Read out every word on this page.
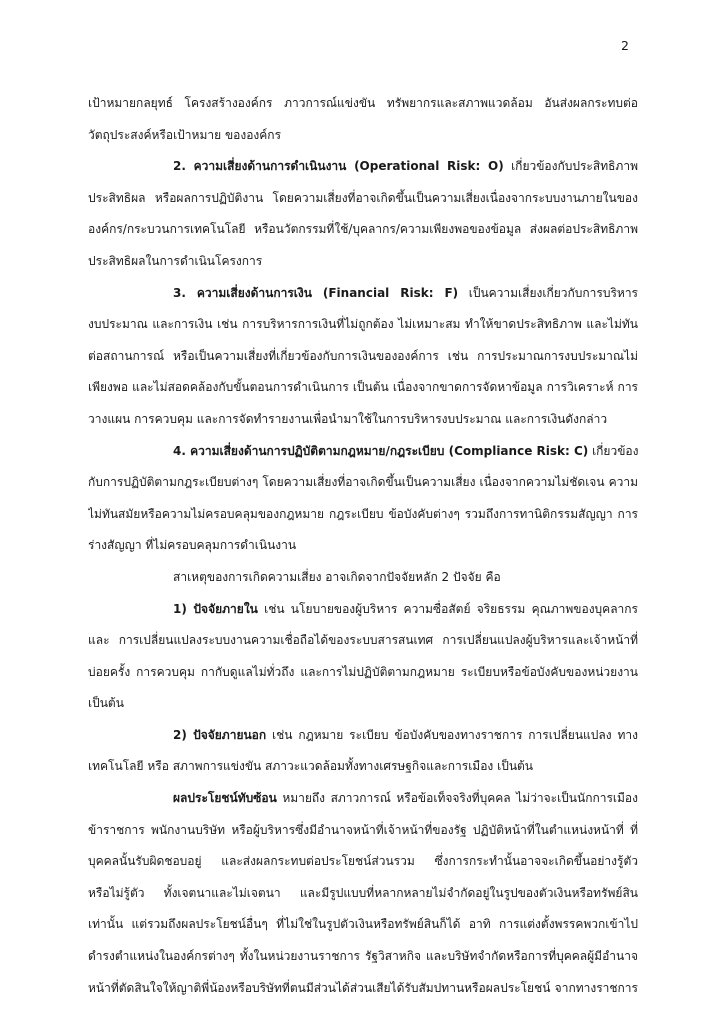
2
เป้าหมายกลยุทธ์ โครงสร้างองค์กร ภาวการณ์แข่งขัน ทรัพยากรและสภาพแวดล้อม อันส่งผลกระทบต่อ
วัตถุประสงค์หรือเป้าหมาย ขององค์กร
2. ความเสี่ยงด้านการดำเนินงาน (Operational Risk: O) เกี่ยวข้องกับประสิทธิภาพ
ประสิทธิผล หรือผลการปฏิบัติงาน โดยความเสี่ยงที่อาจเกิดขึ้นเป็นความเสี่ยงเนื่องจากระบบงานภายในของ
องค์กร/กระบวนการเทคโนโลยี หรือนวัตกรรมที่ใช้/บุคลากร/ความเพียงพอของข้อมูล ส่งผลต่อประสิทธิภาพ
ประสิทธิผลในการดำเนินโครงการ
3. ความเสี่ยงด้านการเงิน (Financial Risk: F) เป็นความเสี่ยงเกี่ยวกับการบริหาร
งบประมาณ และการเงิน เช่น การบริหารการเงินที่ไม่ถูกต้อง ไม่เหมาะสม ทำให้ขาดประสิทธิภาพ และไม่ทัน
ต่อสถานการณ์ หรือเป็นความเสี่ยงที่เกี่ยวข้องกับการเงินขององค์การ เช่น การประมาณการงบประมาณไม่
เพียงพอ และไม่สอดคล้องกับขั้นตอนการดำเนินการ เป็นต้น เนื่องจากขาดการจัดหาข้อมูล การวิเคราะห์ การ
วางแผน การควบคุม และการจัดทำรายงานเพื่อนำมาใช้ในการบริหารงบประมาณ และการเงินดังกล่าว
4. ความเสี่ยงด้านการปฏิบัติตามกฎหมาย/กฎระเบียบ (Compliance Risk: C) เกี่ยวข้อง
กับการปฏิบัติตามกฎระเบียบต่างๆ โดยความเสี่ยงที่อาจเกิดขึ้นเป็นความเสี่ยง เนื่องจากความไม่ชัดเจน ความ
ไม่ทันสมัยหรือความไม่ครอบคลุมของกฎหมาย กฎระเบียบ ข้อบังคับต่างๆ รวมถึงการทานิติกรรมสัญญา การ
ร่างสัญญา ที่ไม่ครอบคลุมการดำเนินงาน
สาเหตุของการเกิดความเสี่ยง อาจเกิดจากปัจจัยหลัก 2 ปัจจัย คือ
1) ปัจจัยภายใน เช่น นโยบายของผู้บริหาร ความซื่อสัตย์ จริยธรรม คุณภาพของบุคลากร
และ การเปลี่ยนแปลงระบบงานความเชื่อถือได้ของระบบสารสนเทศ การเปลี่ยนแปลงผู้บริหารและเจ้าหน้าที่
บ่อยครั้ง การควบคุม กากับดูแลไม่ทั่วถึง และการไม่ปฏิบัติตามกฎหมาย ระเบียบหรือข้อบังคับของหน่วยงาน
เป็นต้น
2) ปัจจัยภายนอก เช่น กฎหมาย ระเบียบ ข้อบังคับของทางราชการ การเปลี่ยนแปลง ทาง
เทคโนโลยี หรือ สภาพการแข่งขัน สภาวะแวดล้อมทั้งทางเศรษฐกิจและการเมือง เป็นต้น
ผลประโยชน์ทับซ้อน หมายถึง สภาวการณ์ หรือข้อเท็จจริงที่บุคคล ไม่ว่าจะเป็นนักการเมือง
ข้าราชการ พนักงานบริษัท หรือผู้บริหารซึ่งมีอำนาจหน้าที่เจ้าหน้าที่ของรัฐ ปฏิบัติหน้าที่ในตำแหน่งหน้าที่ ที่
บุคคลนั้นรับผิดชอบอยู่ และส่งผลกระทบต่อประโยชน์ส่วนรวม ซึ่งการกระทำนั้นอาจจะเกิดขึ้นอย่างรู้ตัว
หรือไม่รู้ตัว ทั้งเจตนาและไม่เจตนา และมีรูปแบบที่หลากหลายไม่จำกัดอยู่ในรูปของตัวเงินหรือทรัพย์สิน
เท่านั้น แต่รวมถึงผลประโยชน์อื่นๆ ที่ไม่ใช่ในรูปตัวเงินหรือทรัพย์สินก็ได้ อาทิ การแต่งตั้งพรรคพวกเข้าไป
ดำรงตำแหน่งในองค์กรต่างๆ ทั้งในหน่วยงานราชการ รัฐวิสาหกิจ และบริษัทจำกัดหรือการที่บุคคลผู้มีอำนาจ
หน้าที่ตัดสินใจให้ญาติพี่น้องหรือบริษัทที่ตนมีส่วนได้ส่วนเสียได้รับสัมปทานหรือผลประโยชน์ จากทางราชการ
